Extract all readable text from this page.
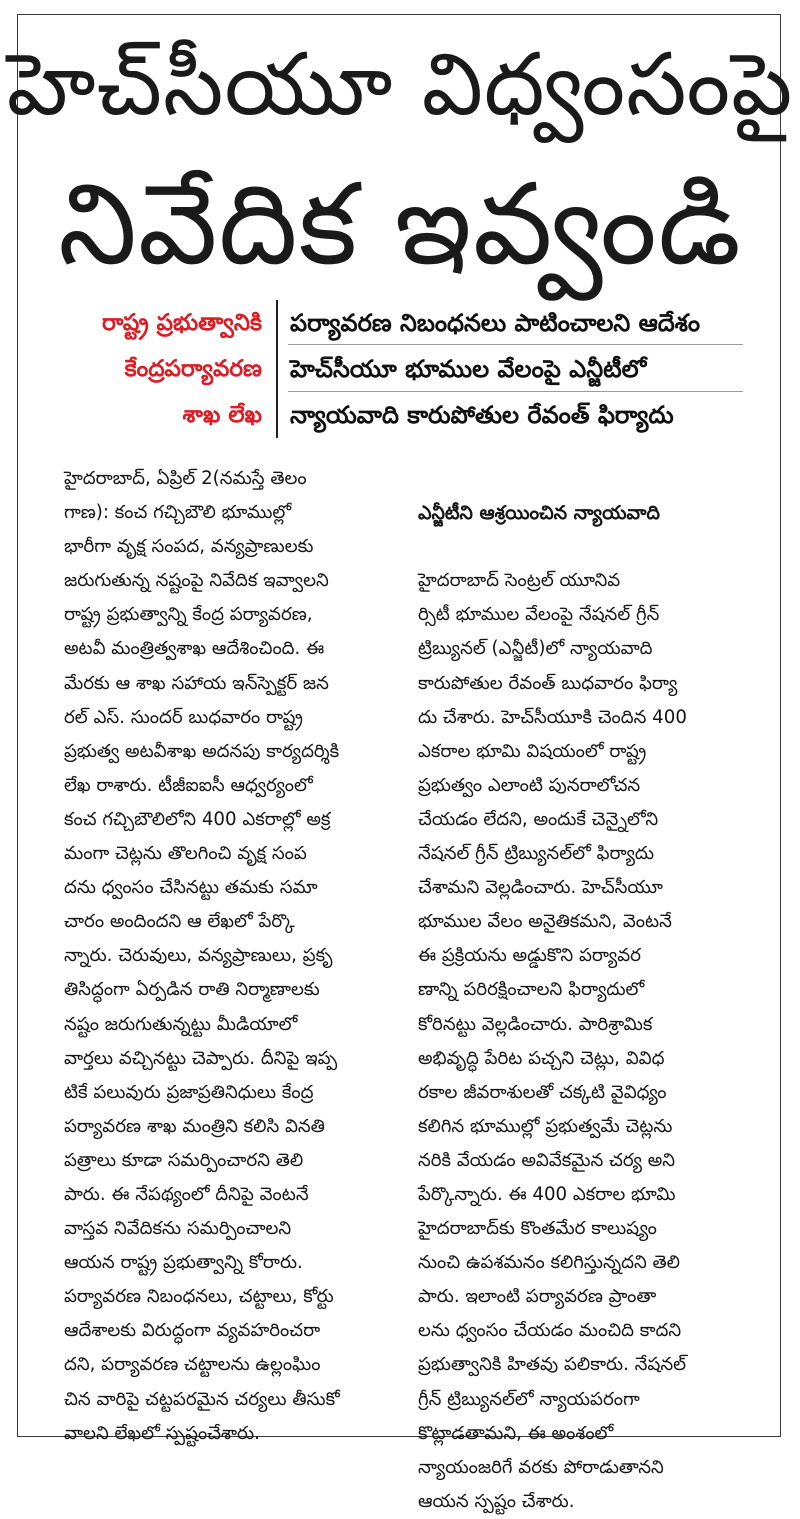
హెచ్‌సీయూ విధ్వంసంపై
నివేదిక ఇవ్వండి
రాష్ట్ర ప్రభుత్వానికి
కేంద్రపర్యావరణ
శాఖ లేఖ
పర్యావరణ నిబంధనలు పాటించాలని ఆదేశం
హెచ్‌సీయూ భూముల వేలంపై ఎన్జీటీలో
న్యాయవాది కారుపోతుల రేవంత్ ఫిర్యాదు
హైదరాబాద్, ఏప్రిల్ 2(నమస్తే తెలం
గాణ): కంచ గచ్చిబౌలి భూముల్లో
భారీగా వృక్ష సంపద, వన్యప్రాణులకు
జరుగుతున్న నష్టంపై నివేదిక ఇవ్వాలని
రాష్ట్ర ప్రభుత్వాన్ని కేంద్ర పర్యావరణ,
అటవీ మంత్రిత్వశాఖ ఆదేశించింది. ఈ
మేరకు ఆ శాఖ సహాయ ఇన్‌స్పెక్టర్ జన
రల్ ఎస్. సుందర్ బుధవారం రాష్ట్ర
ప్రభుత్వ అటవీశాఖ అదనపు కార్యదర్శికి
లేఖ రాశారు. టీజీఐఐసీ ఆధ్వర్యంలో
కంచ గచ్చిబౌలిలోని 400 ఎకరాల్లో అక్ర
మంగా చెట్లను తొలగించి వృక్ష సంప
దను ధ్వంసం చేసినట్టు తమకు సమా
చారం అందిందని ఆ లేఖలో పేర్కొ
న్నారు. చెరువులు, వన్యప్రాణులు, ప్రకృ
తిసిద్ధంగా ఏర్పడిన రాతి నిర్మాణాలకు
నష్టం జరుగుతున్నట్టు మీడియాలో
వార్తలు వచ్చినట్టు చెప్పారు. దీనిపై ఇప్ప
టికే పలువురు ప్రజాప్రతినిధులు కేంద్ర
పర్యావరణ శాఖ మంత్రిని కలిసి వినతి
పత్రాలు కూడా సమర్పించారని తెలి
పారు. ఈ నేపథ్యంలో దీనిపై వెంటనే
వాస్తవ నివేదికను సమర్పించాలని
ఆయన రాష్ట్ర ప్రభుత్వాన్ని కోరారు.
పర్యావరణ నిబంధనలు, చట్టాలు, కోర్టు
ఆదేశాలకు విరుద్ధంగా వ్యవహరించరా
దని, పర్యావరణ చట్టాలను ఉల్లంఘిం
చిన వారిపై చట్టపరమైన చర్యలు తీసుకో
వాలని లేఖలో స్పష్టంచేశారు.

ఎన్జీటీని ఆశ్రయించిన న్యాయవాది

హైదరాబాద్ సెంట్రల్ యూనివ
ర్సిటీ భూముల వేలంపై నేషనల్ గ్రీన్
ట్రిబ్యునల్ (ఎన్జీటీ)లో న్యాయవాది
కారుపోతుల రేవంత్ బుధవారం ఫిర్యా
దు చేశారు. హెచ్‌సీయూకి చెందిన 400
ఎకరాల భూమి విషయంలో రాష్ట్ర
ప్రభుత్వం ఎలాంటి పునరాలోచన
చేయడం లేదని, అందుకే చెన్నైలోని
నేషనల్ గ్రీన్ ట్రిబ్యునల్‌లో ఫిర్యాదు
చేశామని వెల్లడించారు. హెచ్‌సీయూ
భూముల వేలం అనైతికమని, వెంటనే
ఈ ప్రక్రియను అడ్డుకొని పర్యావర
ణాన్ని పరిరక్షించాలని ఫిర్యాదులో
కోరినట్టు వెల్లడించారు. పారిశ్రామిక
అభివృద్ధి పేరిట పచ్చని చెట్లు, వివిధ
రకాల జీవరాశులతో చక్కటి వైవిధ్యం
కలిగిన భూముల్లో ప్రభుత్వమే చెట్లను
నరికి వేయడం అవివేకమైన చర్య అని
పేర్కొన్నారు. ఈ 400 ఎకరాల భూమి
హైదరాబాద్‌కు కొంతమేర కాలుష్యం
నుంచి ఉపశమనం కలిగిస్తున్నదని తెలి
పారు. ఇలాంటి పర్యావరణ ప్రాంతా
లను ధ్వంసం చేయడం మంచిది కాదని
ప్రభుత్వానికి హితవు పలికారు. నేషనల్
గ్రీన్ ట్రిబ్యునల్‌లో న్యాయపరంగా
కొట్లాడతామని, ఈ అంశంలో
న్యాయంజరిగే వరకు పోరాడుతానని
ఆయన స్పష్టం చేశారు.
